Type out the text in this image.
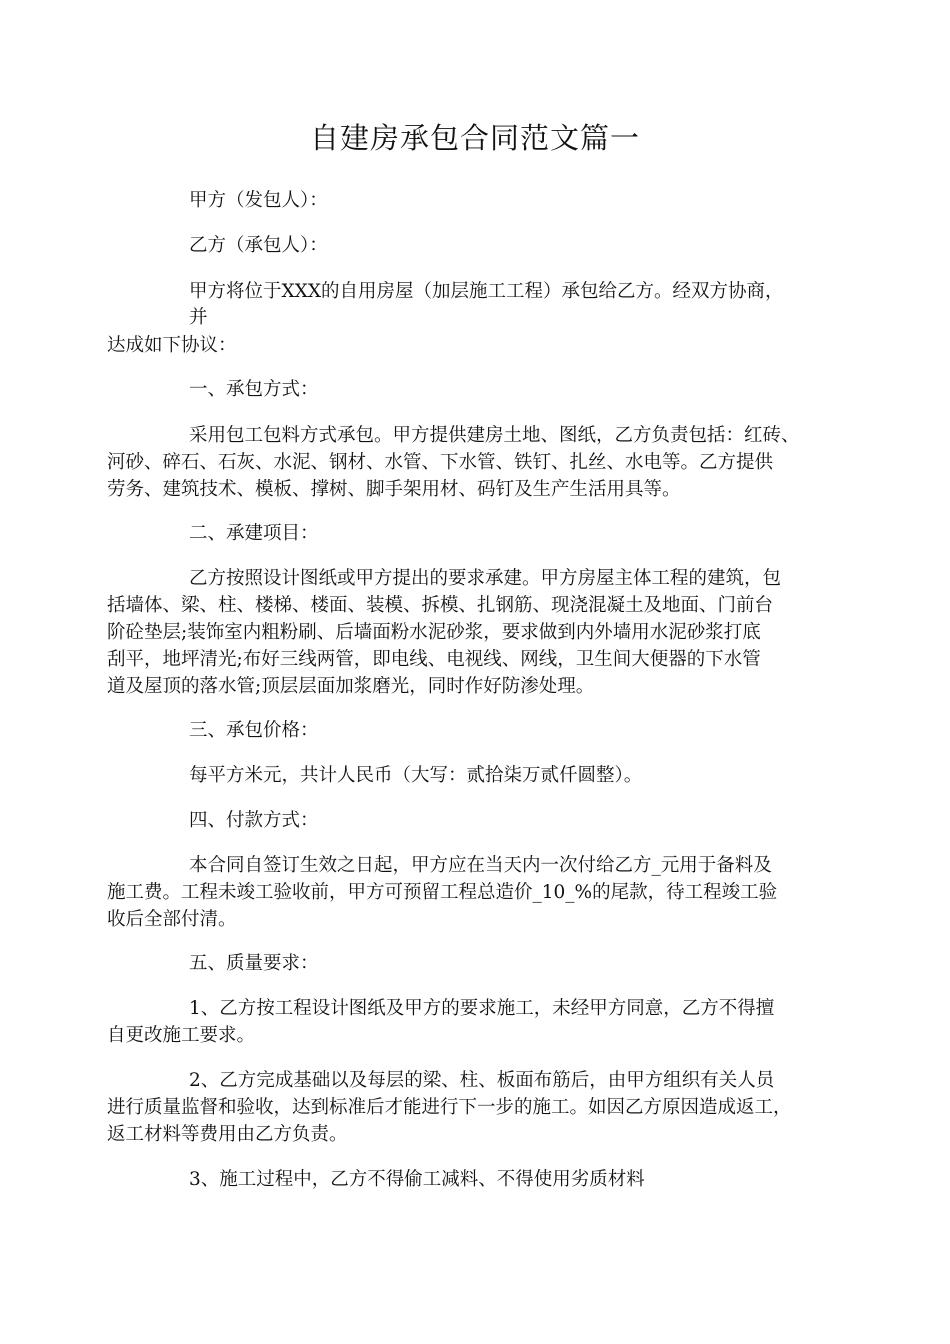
自建房承包合同范文篇一
甲方（发包人）：
乙方（承包人）：
甲方将位于XXX的自用房屋（加层施工工程）承包给乙方。经双方协商，
并
达成如下协议：
一、承包方式：
采用包工包料方式承包。甲方提供建房土地、图纸，乙方负责包括：红砖、
河砂、碎石、石灰、水泥、钢材、水管、下水管、铁钉、扎丝、水电等。乙方提供
劳务、建筑技术、模板、撑树、脚手架用材、码钉及生产生活用具等。
二、承建项目：
乙方按照设计图纸或甲方提出的要求承建。甲方房屋主体工程的建筑，包
括墙体、梁、柱、楼梯、楼面、装模、拆模、扎钢筋、现浇混凝土及地面、门前台
阶砼垫层;装饰室内粗粉刷、后墙面粉水泥砂浆，要求做到内外墙用水泥砂浆打底
刮平，地坪清光;布好三线两管，即电线、电视线、网线，卫生间大便器的下水管
道及屋顶的落水管;顶层层面加浆磨光，同时作好防渗处理。
三、承包价格：
每平方米元，共计人民币（大写：贰拾柒万贰仟圆整）。
四、付款方式：
本合同自签订生效之日起，甲方应在当天内一次付给乙方_元用于备料及
施工费。工程未竣工验收前，甲方可预留工程总造价_10_%的尾款，待工程竣工验
收后全部付清。
五、质量要求：
1、乙方按工程设计图纸及甲方的要求施工，未经甲方同意，乙方不得擅
自更改施工要求。
2、乙方完成基础以及每层的梁、柱、板面布筋后，由甲方组织有关人员
进行质量监督和验收，达到标准后才能进行下一步的施工。如因乙方原因造成返工，
返工材料等费用由乙方负责。
3、施工过程中，乙方不得偷工减料、不得使用劣质材料
